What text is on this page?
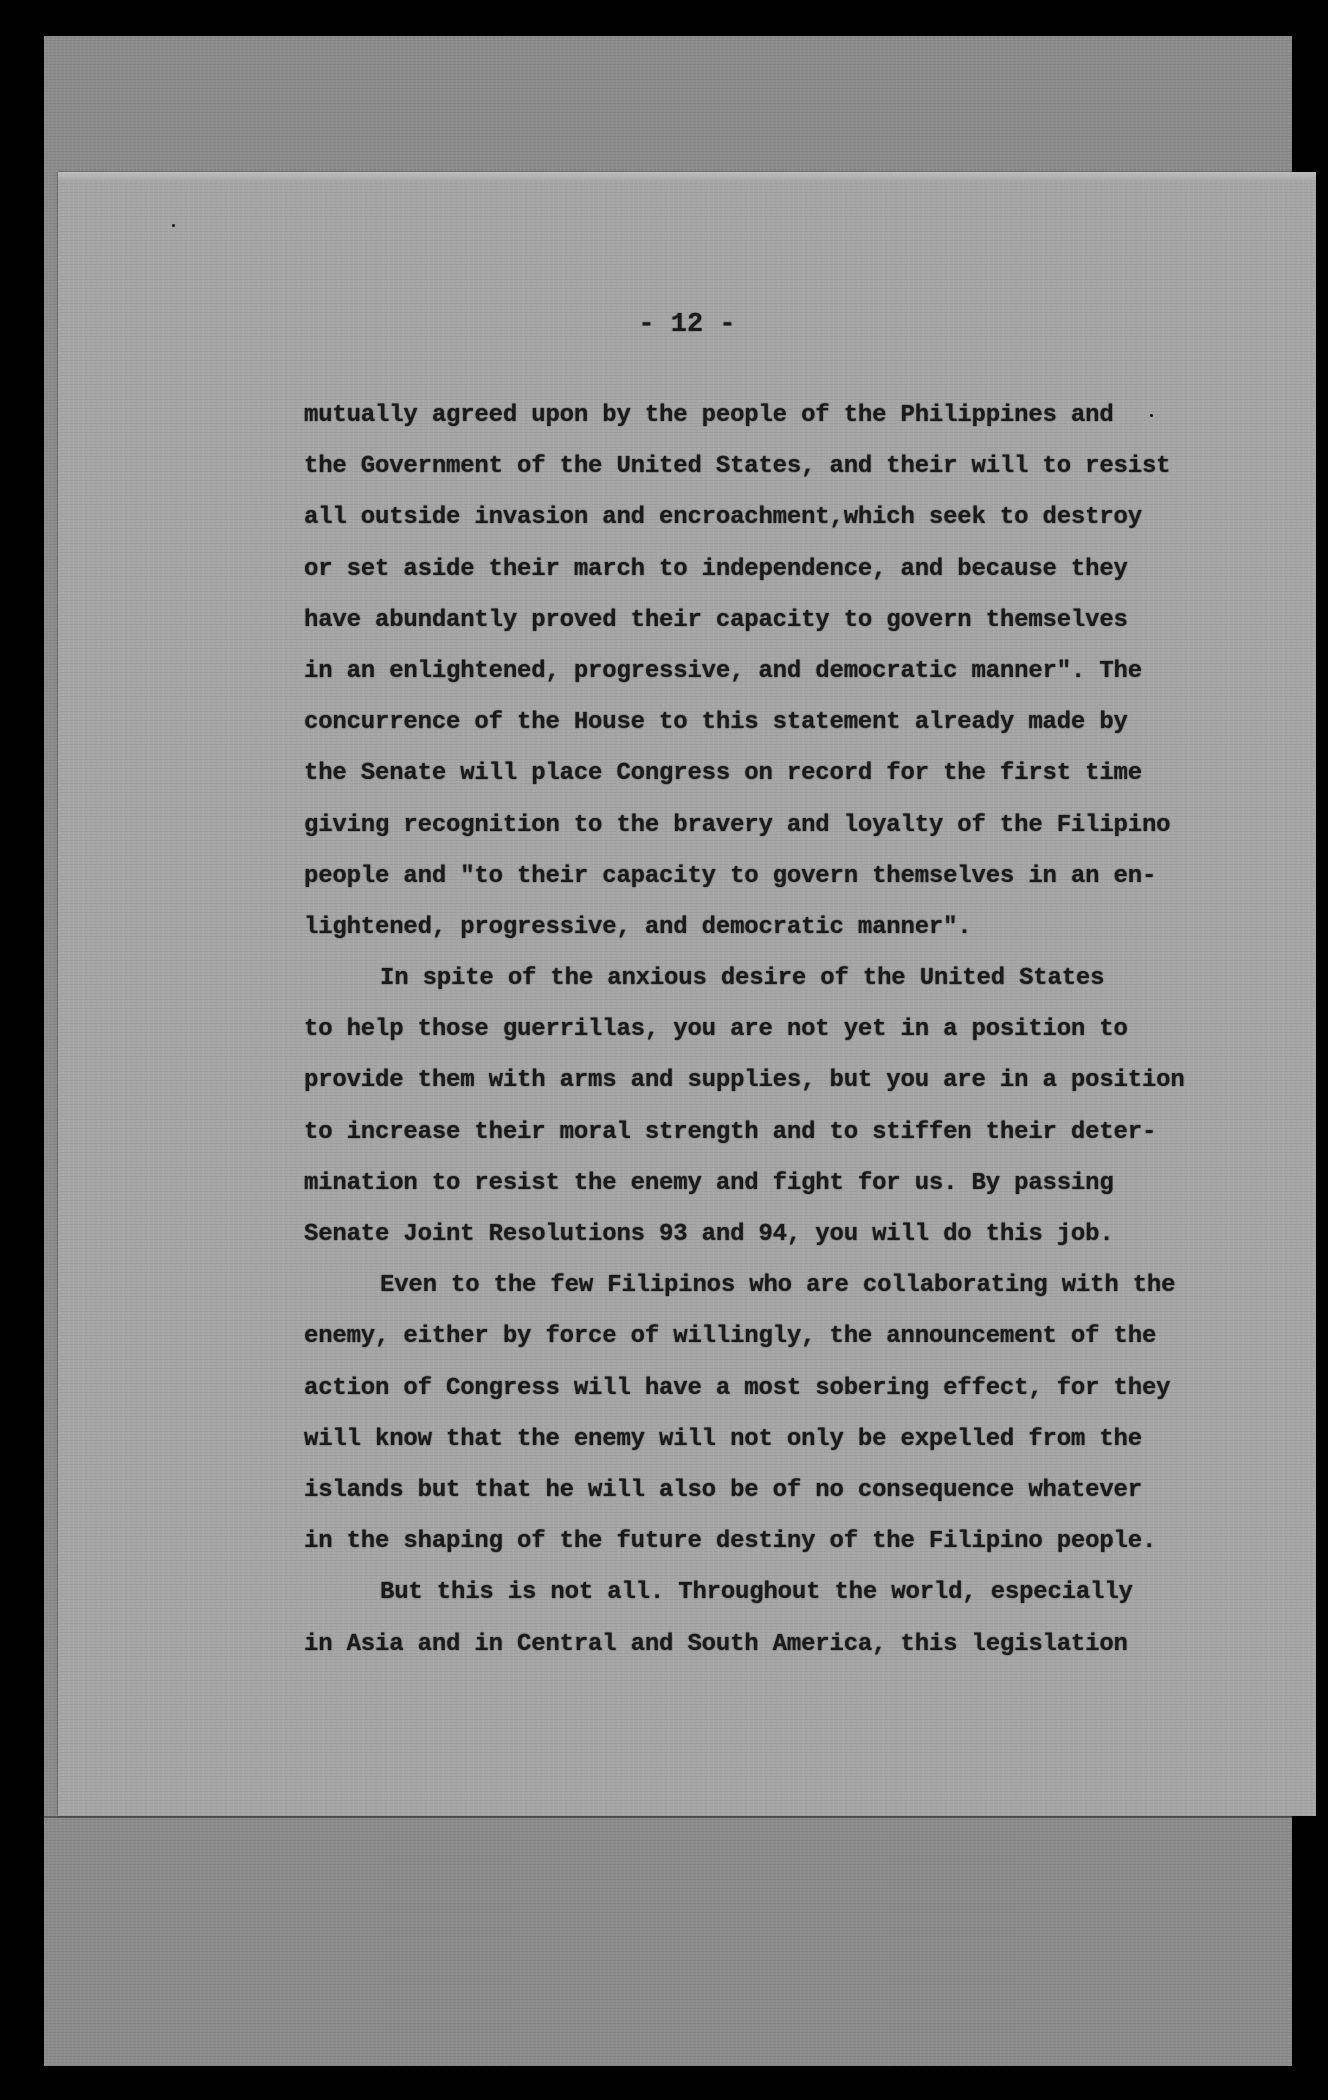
- 12 -
mutually agreed upon by the people of the Philippines and
the Government of the United States, and their will to resist
all outside invasion and encroachment,which seek to destroy
or set aside their march to independence, and because they
have abundantly proved their capacity to govern themselves
in an enlightened, progressive, and democratic manner". The
concurrence of the House to this statement already made by
the Senate will place Congress on record for the first time
giving recognition to the bravery and loyalty of the Filipino
people and "to their capacity to govern themselves in an en-
lightened, progressive, and democratic manner".
In spite of the anxious desire of the United States
to help those guerrillas, you are not yet in a position to
provide them with arms and supplies, but you are in a position
to increase their moral strength and to stiffen their deter-
mination to resist the enemy and fight for us. By passing
Senate Joint Resolutions 93 and 94, you will do this job.
Even to the few Filipinos who are collaborating with the
enemy, either by force of willingly, the announcement of the
action of Congress will have a most sobering effect, for they
will know that the enemy will not only be expelled from the
islands but that he will also be of no consequence whatever
in the shaping of the future destiny of the Filipino people.
But this is not all. Throughout the world, especially
in Asia and in Central and South America, this legislation
